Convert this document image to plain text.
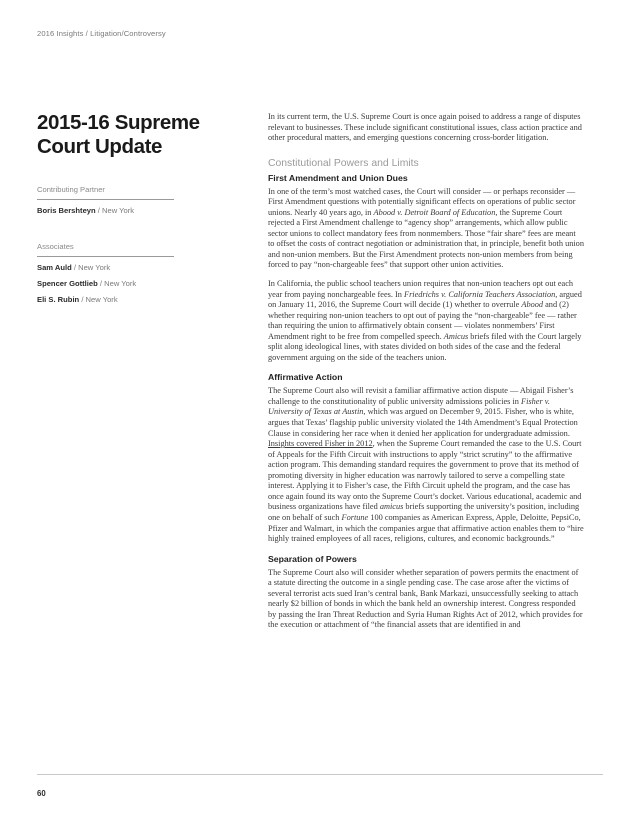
2016 Insights / Litigation/Controversy
2015-16 Supreme Court Update
Contributing Partner
Boris Bershteyn / New York
Associates
Sam Auld / New York
Spencer Gottlieb / New York
Eli S. Rubin / New York

In its current term, the U.S. Supreme Court is once again poised to address a range of disputes relevant to businesses. These include significant constitutional issues, class action practice and other procedural matters, and emerging questions concerning cross-border litigation.

Constitutional Powers and Limits
First Amendment and Union Dues

In one of the term’s most watched cases, the Court will consider — or perhaps reconsider — First Amendment questions with potentially significant effects on operations of public sector unions. Nearly 40 years ago, in Abood v. Detroit Board of Education, the Supreme Court rejected a First Amendment challenge to “agency shop” arrangements, which allow public sector unions to collect mandatory fees from nonmembers. Those “fair share” fees are meant to offset the costs of contract negotiation or administration that, in principle, benefit both union and non-union members. But the First Amendment protects non-union members from being forced to pay “non-chargeable fees” that support other union activities.

In California, the public school teachers union requires that non-union teachers opt out each year from paying nonchargeable fees. In Friedrichs v. California Teachers Association, argued on January 11, 2016, the Supreme Court will decide (1) whether to overrule Abood and (2) whether requiring non-union teachers to opt out of paying the “non-chargeable” fee — rather than requiring the union to affirmatively obtain consent — violates nonmembers’ First Amendment right to be free from compelled speech. Amicus briefs filed with the Court largely split along ideological lines, with states divided on both sides of the case and the federal government arguing on the side of the teachers union.

Affirmative Action

The Supreme Court also will revisit a familiar affirmative action dispute — Abigail Fisher’s challenge to the constitutionality of public university admissions policies in Fisher v. University of Texas at Austin, which was argued on December 9, 2015. Fisher, who is white, argues that Texas’ flagship public university violated the 14th Amendment’s Equal Protection Clause in considering her race when it denied her application for undergraduate admission. Insights covered Fisher in 2012, when the Supreme Court remanded the case to the U.S. Court of Appeals for the Fifth Circuit with instructions to apply “strict scrutiny” to the affirmative action program. This demanding standard requires the government to prove that its method of promoting diversity in higher education was narrowly tailored to serve a compelling state interest. Applying it to Fisher’s case, the Fifth Circuit upheld the program, and the case has once again found its way onto the Supreme Court’s docket. Various educational, academic and business organizations have filed amicus briefs supporting the university’s position, including one on behalf of such Fortune 100 companies as American Express, Apple, Deloitte, PepsiCo, Pfizer and Walmart, in which the companies argue that affirmative action enables them to “hire highly trained employees of all races, religions, cultures, and economic backgrounds.”

Separation of Powers

The Supreme Court also will consider whether separation of powers permits the enactment of a statute directing the outcome in a single pending case. The case arose after the victims of several terrorist acts sued Iran’s central bank, Bank Markazi, unsuccessfully seeking to attach nearly $2 billion of bonds in which the bank held an ownership interest. Congress responded by passing the Iran Threat Reduction and Syria Human Rights Act of 2012, which provides for the execution or attachment of “the financial assets that are identified in and

60
